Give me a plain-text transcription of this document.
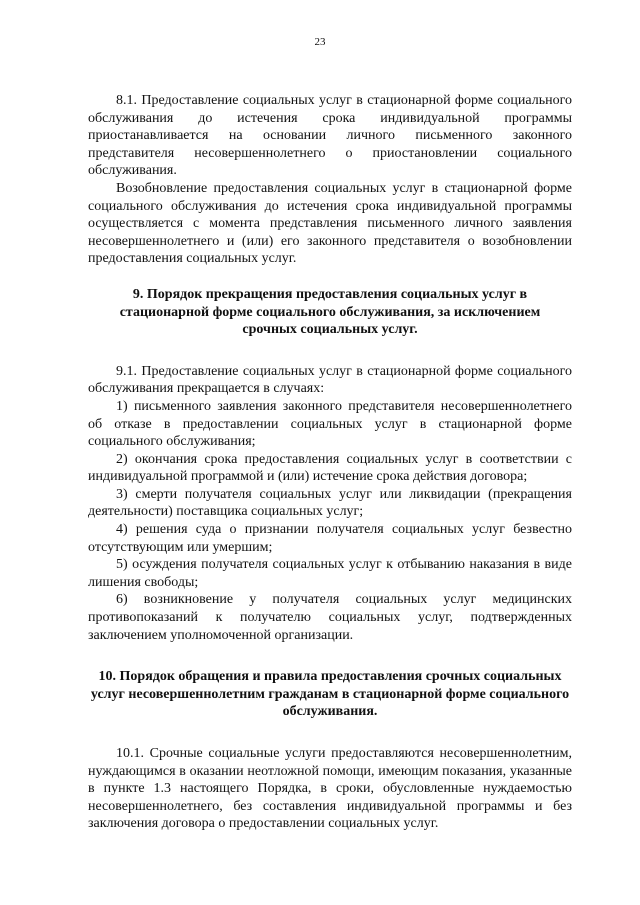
23

8.1. Предоставление социальных услуг в стационарной форме социального обслуживания до истечения срока индивидуальной программы приостанавливается на основании личного письменного законного представителя несовершеннолетнего о приостановлении социального обслуживания.

Возобновление предоставления социальных услуг в стационарной форме социального обслуживания до истечения срока индивидуальной программы осуществляется с момента представления письменного личного заявления несовершеннолетнего и (или) его законного представителя о возобновлении предоставления социальных услуг.

9. Порядок прекращения предоставления социальных услуг в стационарной форме социального обслуживания, за исключением срочных социальных услуг.

9.1. Предоставление социальных услуг в стационарной форме социального обслуживания прекращается в случаях:

1) письменного заявления законного представителя несовершеннолетнего об отказе в предоставлении социальных услуг в стационарной форме социального обслуживания;

2) окончания срока предоставления социальных услуг в соответствии с индивидуальной программой и (или) истечение срока действия договора;

3) смерти получателя социальных услуг или ликвидации (прекращения деятельности) поставщика социальных услуг;

4) решения суда о признании получателя социальных услуг безвестно отсутствующим или умершим;

5) осуждения получателя социальных услуг к отбыванию наказания в виде лишения свободы;

6) возникновение у получателя социальных услуг медицинских противопоказаний к получателю социальных услуг, подтвержденных заключением уполномоченной организации.

10. Порядок обращения и правила предоставления срочных социальных услуг несовершеннолетним гражданам в стационарной форме социального обслуживания.

10.1. Срочные социальные услуги предоставляются несовершеннолетним, нуждающимся в оказании неотложной помощи, имеющим показания, указанные в пункте 1.3 настоящего Порядка, в сроки, обусловленные нуждаемостью несовершеннолетнего, без составления индивидуальной программы и без заключения договора о предоставлении социальных услуг.
